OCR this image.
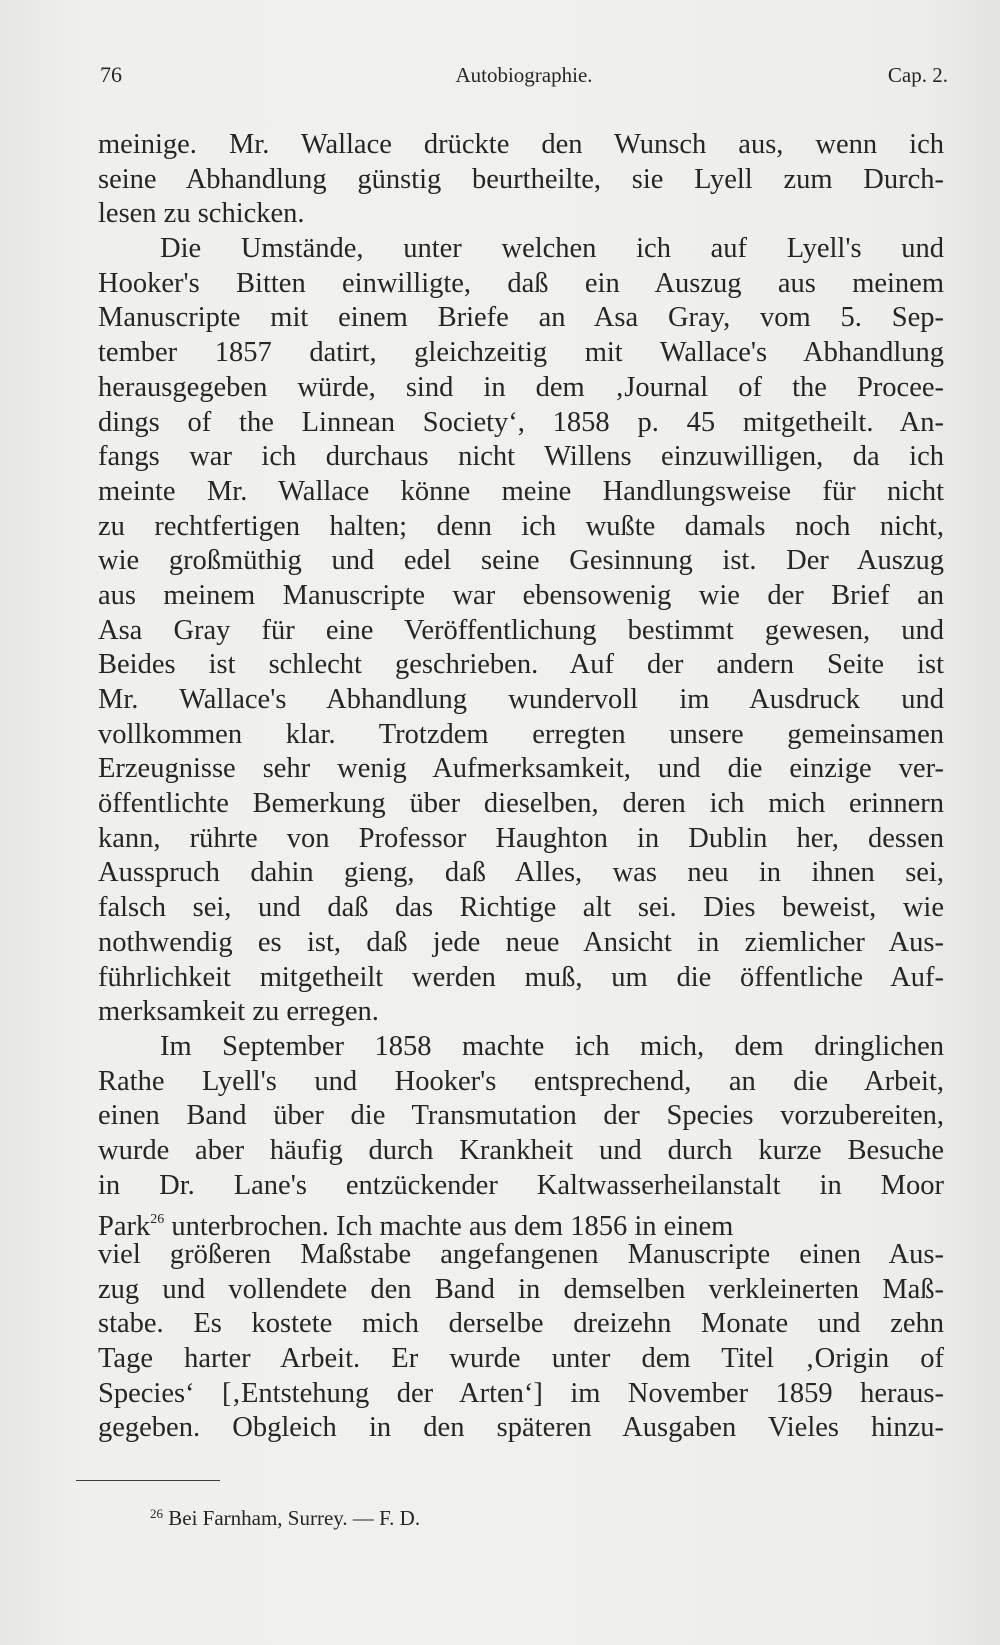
76	Autobiographie.	Cap. 2.
meinige. Mr. Wallace drückte den Wunsch aus, wenn ich
seine Abhandlung günstig beurtheilte, sie Lyell zum Durch-
lesen zu schicken.
Die Umstände, unter welchen ich auf Lyell's und
Hooker's Bitten einwilligte, daß ein Auszug aus meinem
Manuscripte mit einem Briefe an Asa Gray, vom 5. Sep-
tember 1857 datirt, gleichzeitig mit Wallace's Abhandlung
herausgegeben würde, sind in dem ‚Journal of the Procee-
dings of the Linnean Society‘, 1858 p. 45 mitgetheilt. An-
fangs war ich durchaus nicht Willens einzuwilligen, da ich
meinte Mr. Wallace könne meine Handlungsweise für nicht
zu rechtfertigen halten; denn ich wußte damals noch nicht,
wie großmüthig und edel seine Gesinnung ist. Der Auszug
aus meinem Manuscripte war ebensowenig wie der Brief an
Asa Gray für eine Veröffentlichung bestimmt gewesen, und
Beides ist schlecht geschrieben. Auf der andern Seite ist
Mr. Wallace's Abhandlung wundervoll im Ausdruck und
vollkommen klar. Trotzdem erregten unsere gemeinsamen
Erzeugnisse sehr wenig Aufmerksamkeit, und die einzige ver-
öffentlichte Bemerkung über dieselben, deren ich mich erinnern
kann, rührte von Professor Haughton in Dublin her, dessen
Ausspruch dahin gieng, daß Alles, was neu in ihnen sei,
falsch sei, und daß das Richtige alt sei. Dies beweist, wie
nothwendig es ist, daß jede neue Ansicht in ziemlicher Aus-
führlichkeit mitgetheilt werden muß, um die öffentliche Auf-
merksamkeit zu erregen.
Im September 1858 machte ich mich, dem dringlichen
Rathe Lyell's und Hooker's entsprechend, an die Arbeit,
einen Band über die Transmutation der Species vorzubereiten,
wurde aber häufig durch Krankheit und durch kurze Besuche
in Dr. Lane's entzückender Kaltwasserheilanstalt in Moor
Park$^{26}$ unterbrochen. Ich machte aus dem 1856 in einem
viel größeren Maßstabe angefangenen Manuscripte einen Aus-
zug und vollendete den Band in demselben verkleinerten Maß-
stabe. Es kostete mich derselbe dreizehn Monate und zehn
Tage harter Arbeit. Er wurde unter dem Titel ‚Origin of
Species‘ [‚Entstehung der Arten‘] im November 1859 heraus-
gegeben. Obgleich in den späteren Ausgaben Vieles hinzu-
$^{26}$ Bei Farnham, Surrey. — F. D.
